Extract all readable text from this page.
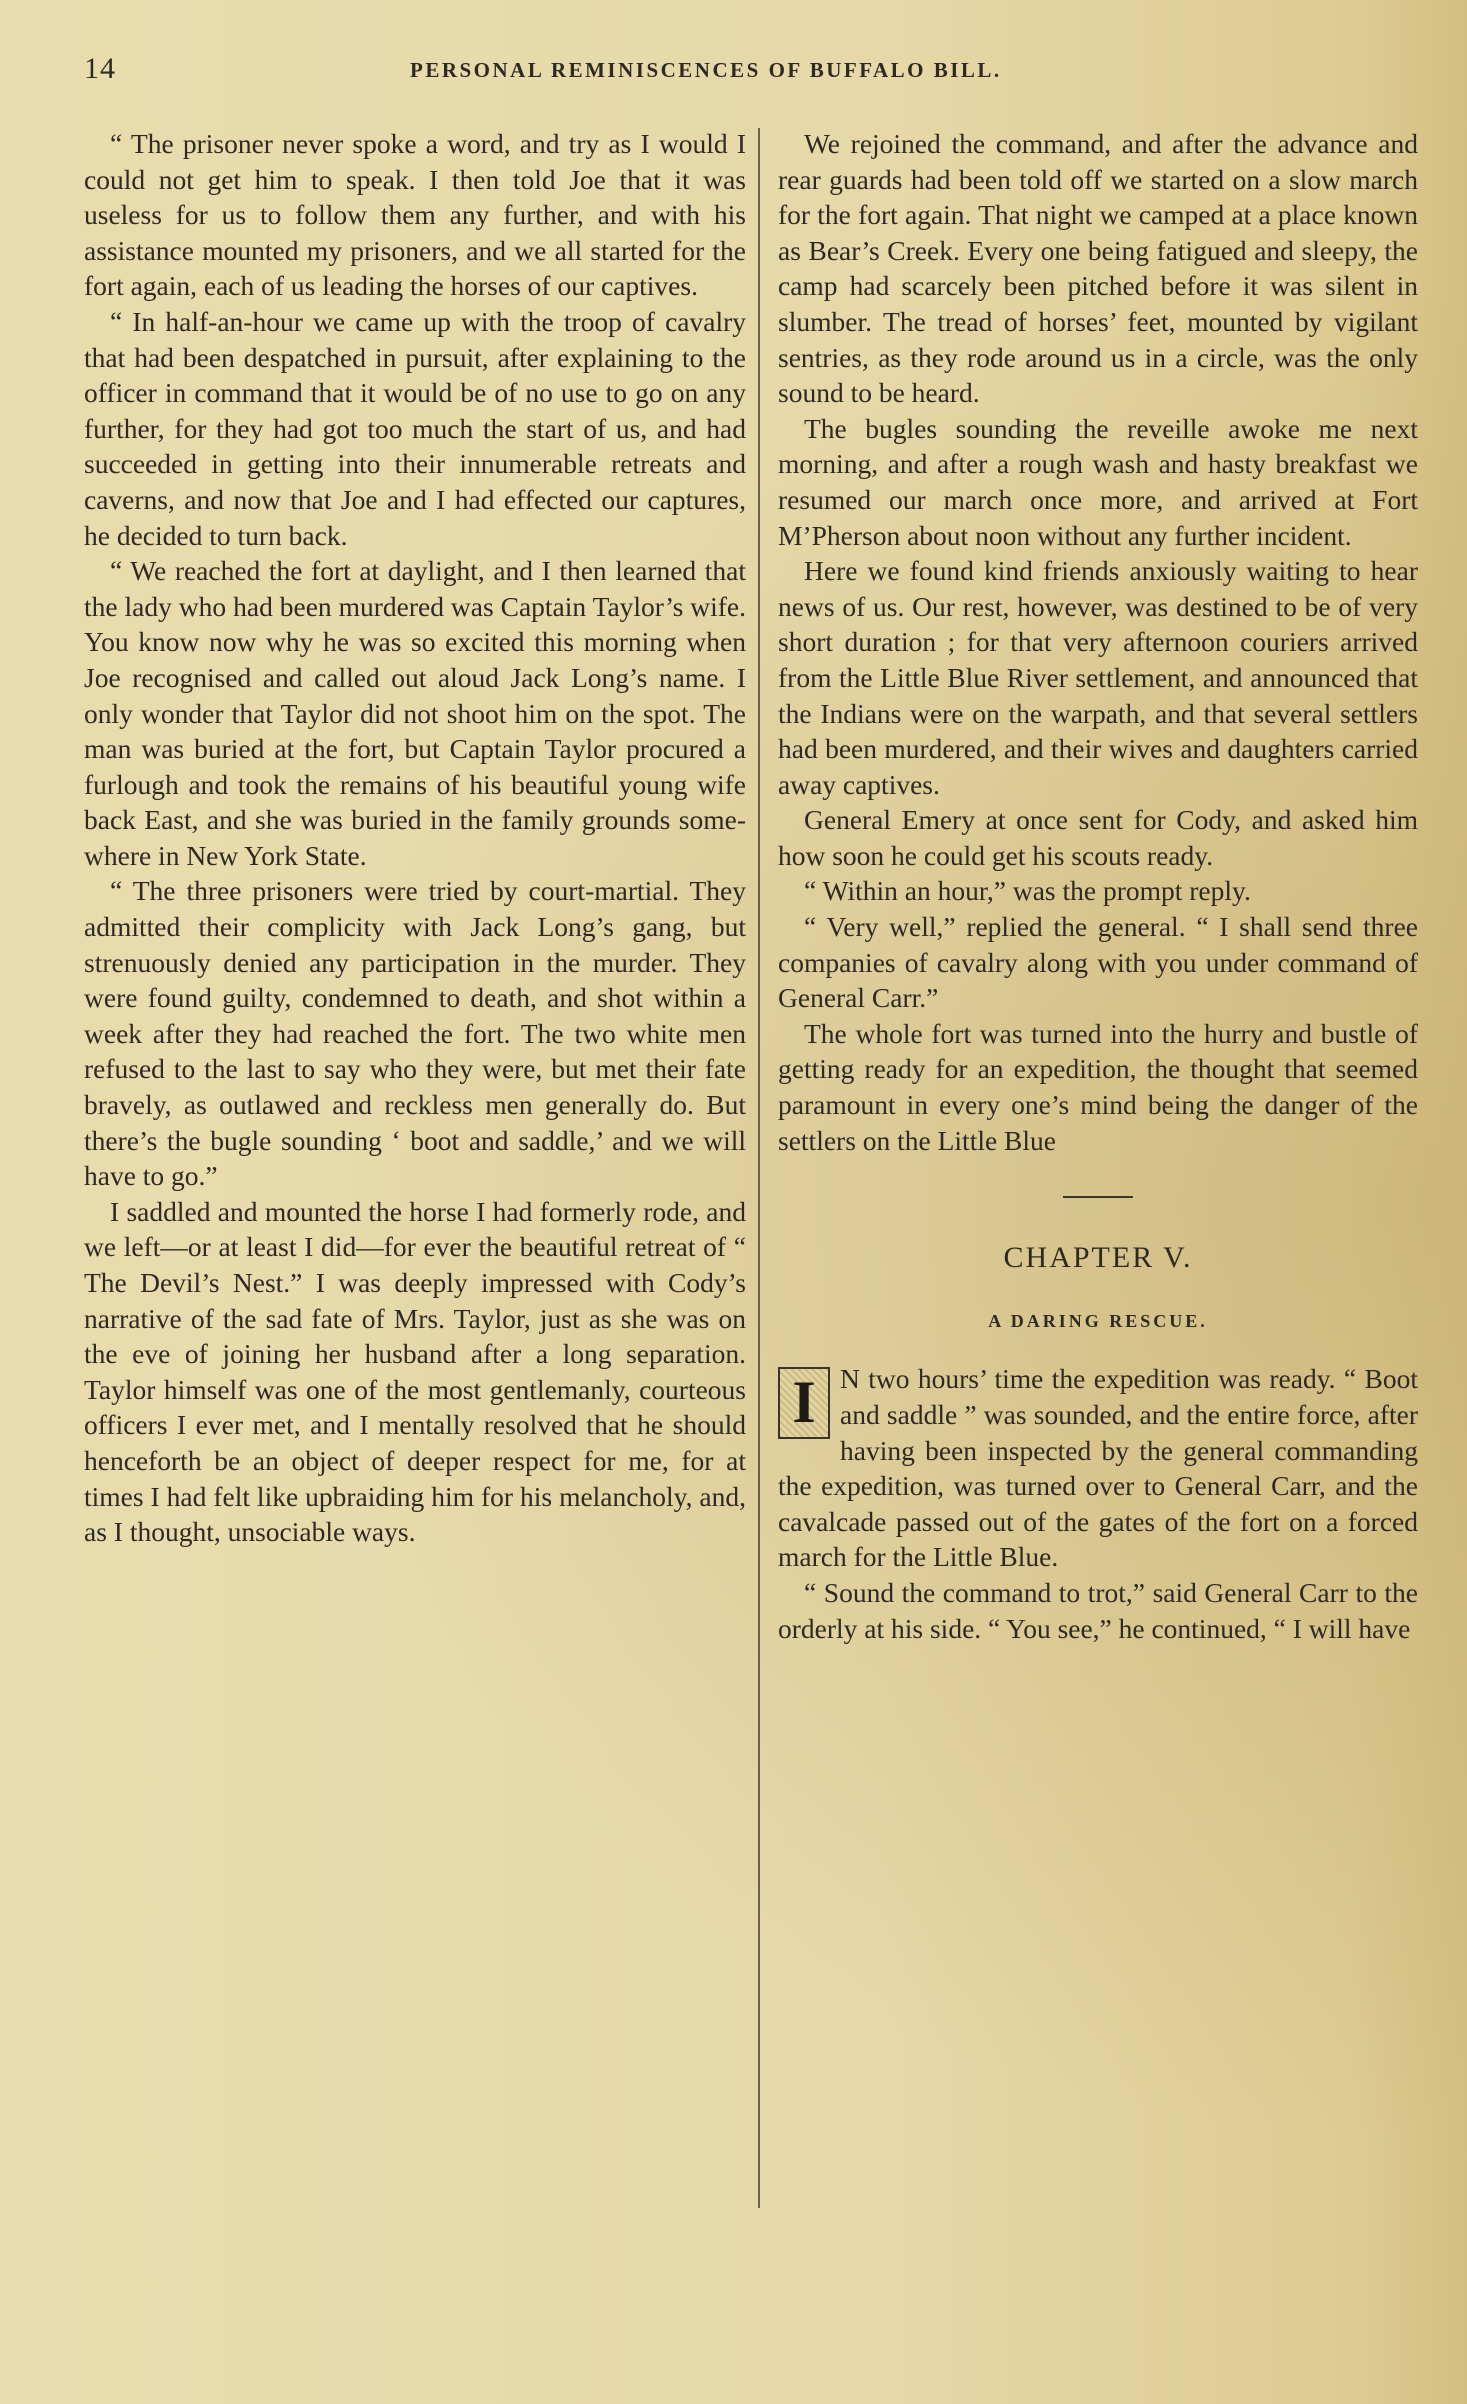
14	PERSONAL REMINISCENCES OF BUFFALO BILL.

“ The prisoner never spoke a word, and try as I would I could not get him to speak. I then told Joe that it was useless for us to follow them any further, and with his assistance mounted my prisoners, and we all started for the fort again, each of us leading the horses of our captives.

“ In half-an-hour we came up with the troop of cavalry that had been despatched in pursuit, after explaining to the officer in command that it would be of no use to go on any further, for they had got too much the start of us, and had succeeded in getting into their innumerable retreats and caverns, and now that Joe and I had effected our captures, he decided to turn back.

“ We reached the fort at daylight, and I then learned that the lady who had been murdered was Captain Taylor’s wife. You know now why he was so excited this morning when Joe recognised and called out aloud Jack Long’s name. I only wonder that Taylor did not shoot him on the spot. The man was buried at the fort, but Captain Taylor procured a furlough and took the remains of his beautiful young wife back East, and she was buried in the family grounds somewhere in New York State.

“ The three prisoners were tried by court-martial. They admitted their complicity with Jack Long’s gang, but strenuously denied any participation in the murder. They were found guilty, condemned to death, and shot within a week after they had reached the fort. The two white men refused to the last to say who they were, but met their fate bravely, as outlawed and reckless men generally do. But there’s the bugle sounding ‘ boot and saddle,’ and we will have to go.”

I saddled and mounted the horse I had formerly rode, and we left—or at least I did—for ever the beautiful retreat of “ The Devil’s Nest.” I was deeply impressed with Cody’s narrative of the sad fate of Mrs. Taylor, just as she was on the eve of joining her husband after a long separation. Taylor himself was one of the most gentlemanly, courteous officers I ever met, and I mentally resolved that he should henceforth be an object of deeper respect for me, for at times I had felt like upbraiding him for his melancholy, and, as I thought, unsociable ways.

We rejoined the command, and after the advance and rear guards had been told off we started on a slow march for the fort again. That night we camped at a place known as Bear’s Creek. Every one being fatigued and sleepy, the camp had scarcely been pitched before it was silent in slumber. The tread of horses’ feet, mounted by vigilant sentries, as they rode around us in a circle, was the only sound to be heard.

The bugles sounding the reveille awoke me next morning, and after a rough wash and hasty breakfast we resumed our march once more, and arrived at Fort M’Pherson about noon without any further incident.

Here we found kind friends anxiously waiting to hear news of us. Our rest, however, was destined to be of very short duration ; for that very afternoon couriers arrived from the Little Blue River settlement, and announced that the Indians were on the warpath, and that several settlers had been murdered, and their wives and daughters carried away captives.

General Emery at once sent for Cody, and asked him how soon he could get his scouts ready.

“ Within an hour,” was the prompt reply.

“ Very well,” replied the general. “ I shall send three companies of cavalry along with you under command of General Carr.”

The whole fort was turned into the hurry and bustle of getting ready for an expedition, the thought that seemed paramount in every one’s mind being the danger of the settlers on the Little Blue

CHAPTER V.
A DARING RESCUE.

I N two hours’ time the expedition was ready. “ Boot and saddle ” was sounded, and the entire force, after having been inspected by the general commanding the expedition, was turned over to General Carr, and the cavalcade passed out of the gates of the fort on a forced march for the Little Blue.

“ Sound the command to trot,” said General Carr to the orderly at his side. “ You see,” he continued, “ I will have
